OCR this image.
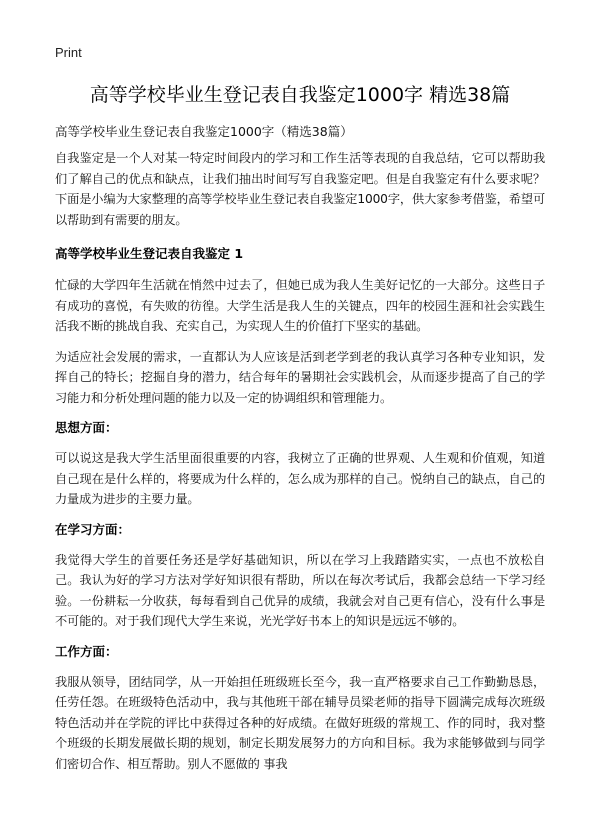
Print
高等学校毕业生登记表自我鉴定1000字 精选38篇
高等学校毕业生登记表自我鉴定1000字（精选38篇）

自我鉴定是一个人对某一特定时间段内的学习和工作生活等表现的自我总结，它可以帮助我们了解自己的优点和缺点，让我们抽出时间写写自我鉴定吧。但是自我鉴定有什么要求呢？下面是小编为大家整理的高等学校毕业生登记表自我鉴定1000字，供大家参考借鉴，希望可以帮助到有需要的朋友。

高等学校毕业生登记表自我鉴定 1

忙碌的大学四年生活就在悄然中过去了，但她已成为我人生美好记忆的一大部分。这些日子有成功的喜悦，有失败的彷徨。大学生活是我人生的关键点，四年的校园生涯和社会实践生活我不断的挑战自我、充实自己，为实现人生的价值打下坚实的基础。

为适应社会发展的需求，一直都认为人应该是活到老学到老的我认真学习各种专业知识，发挥自己的特长；挖掘自身的潜力，结合每年的暑期社会实践机会，从而逐步提高了自己的学习能力和分析处理问题的能力以及一定的协调组织和管理能力。

思想方面：

可以说这是我大学生活里面很重要的内容，我树立了正确的世界观、人生观和价值观，知道自己现在是什么样的，将要成为什么样的，怎么成为那样的自己。悦纳自己的缺点，自己的力量成为进步的主要力量。

在学习方面：

我觉得大学生的首要任务还是学好基础知识，所以在学习上我踏踏实实，一点也不放松自己。我认为好的学习方法对学好知识很有帮助，所以在每次考试后，我都会总结一下学习经验。一份耕耘一分收获，每每看到自己优异的成绩，我就会对自己更有信心，没有什么事是不可能的。对于我们现代大学生来说，光光学好书本上的知识是远远不够的。

工作方面：

我服从领导，团结同学，从一开始担任班级班长至今，我一直严格要求自己工作勤勤恳恳，任劳任怨。在班级特色活动中，我与其他班干部在辅导员梁老师的指导下圆满完成每次班级特色活动并在学院的评比中获得过各种的好成绩。在做好班级的常规工、作的同时，我对整个班级的长期发展做长期的规划，制定长期发展努力的方向和目标。我为求能够做到与同学们密切合作、相互帮助。别人不愿做的 事我
